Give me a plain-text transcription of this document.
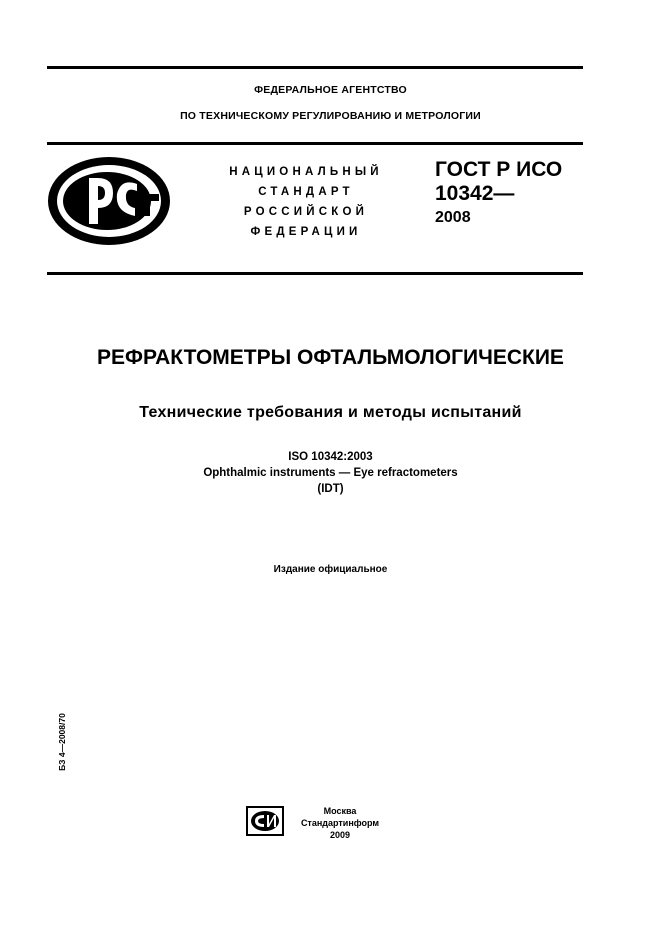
ФЕДЕРАЛЬНОЕ АГЕНТСТВО
ПО ТЕХНИЧЕСКОМУ РЕГУЛИРОВАНИЮ И МЕТРОЛОГИИ
НАЦИОНАЛЬНЫЙ
СТАНДАРТ
РОССИЙСКОЙ
ФЕДЕРАЦИИ
ГОСТ Р ИСО
10342—
2008
РЕФРАКТОМЕТРЫ ОФТАЛЬМОЛОГИЧЕСКИЕ
Технические требования и методы испытаний
ISO 10342:2003
Ophthalmic instruments — Eye refractometers
(IDT)
Издание официальное
БЗ 4—2008/70
Москва
Стандартинформ
2009
